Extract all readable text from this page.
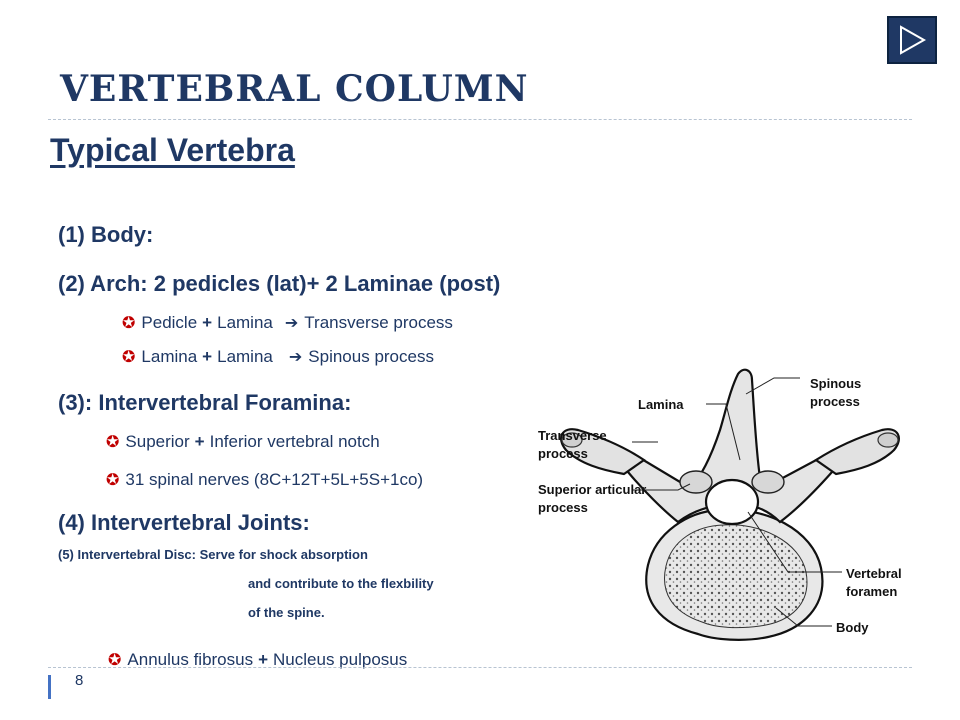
VERTEBRAL COLUMN
Typical Vertebra
(1) Body:
(2) Arch: 2 pedicles (lat)+ 2 Laminae (post)
✪ Pedicle + Lamina ➔ Transverse process
✪ Lamina + Lamina ➔ Spinous process
(3): Intervertebral Foramina:
✪ Superior + Inferior vertebral notch
✪ 31 spinal nerves (8C+12T+5L+5S+1co)
(4) Intervertebral Joints:
(5) Intervertebral Disc: Serve for shock absorption
and contribute to the flexbility
of the spine.
✪ Annulus fibrosus + Nucleus pulposus
Lamina
Spinous
process
Transverse
process
Superior articular
process
Vertebral
foramen
Body
8
